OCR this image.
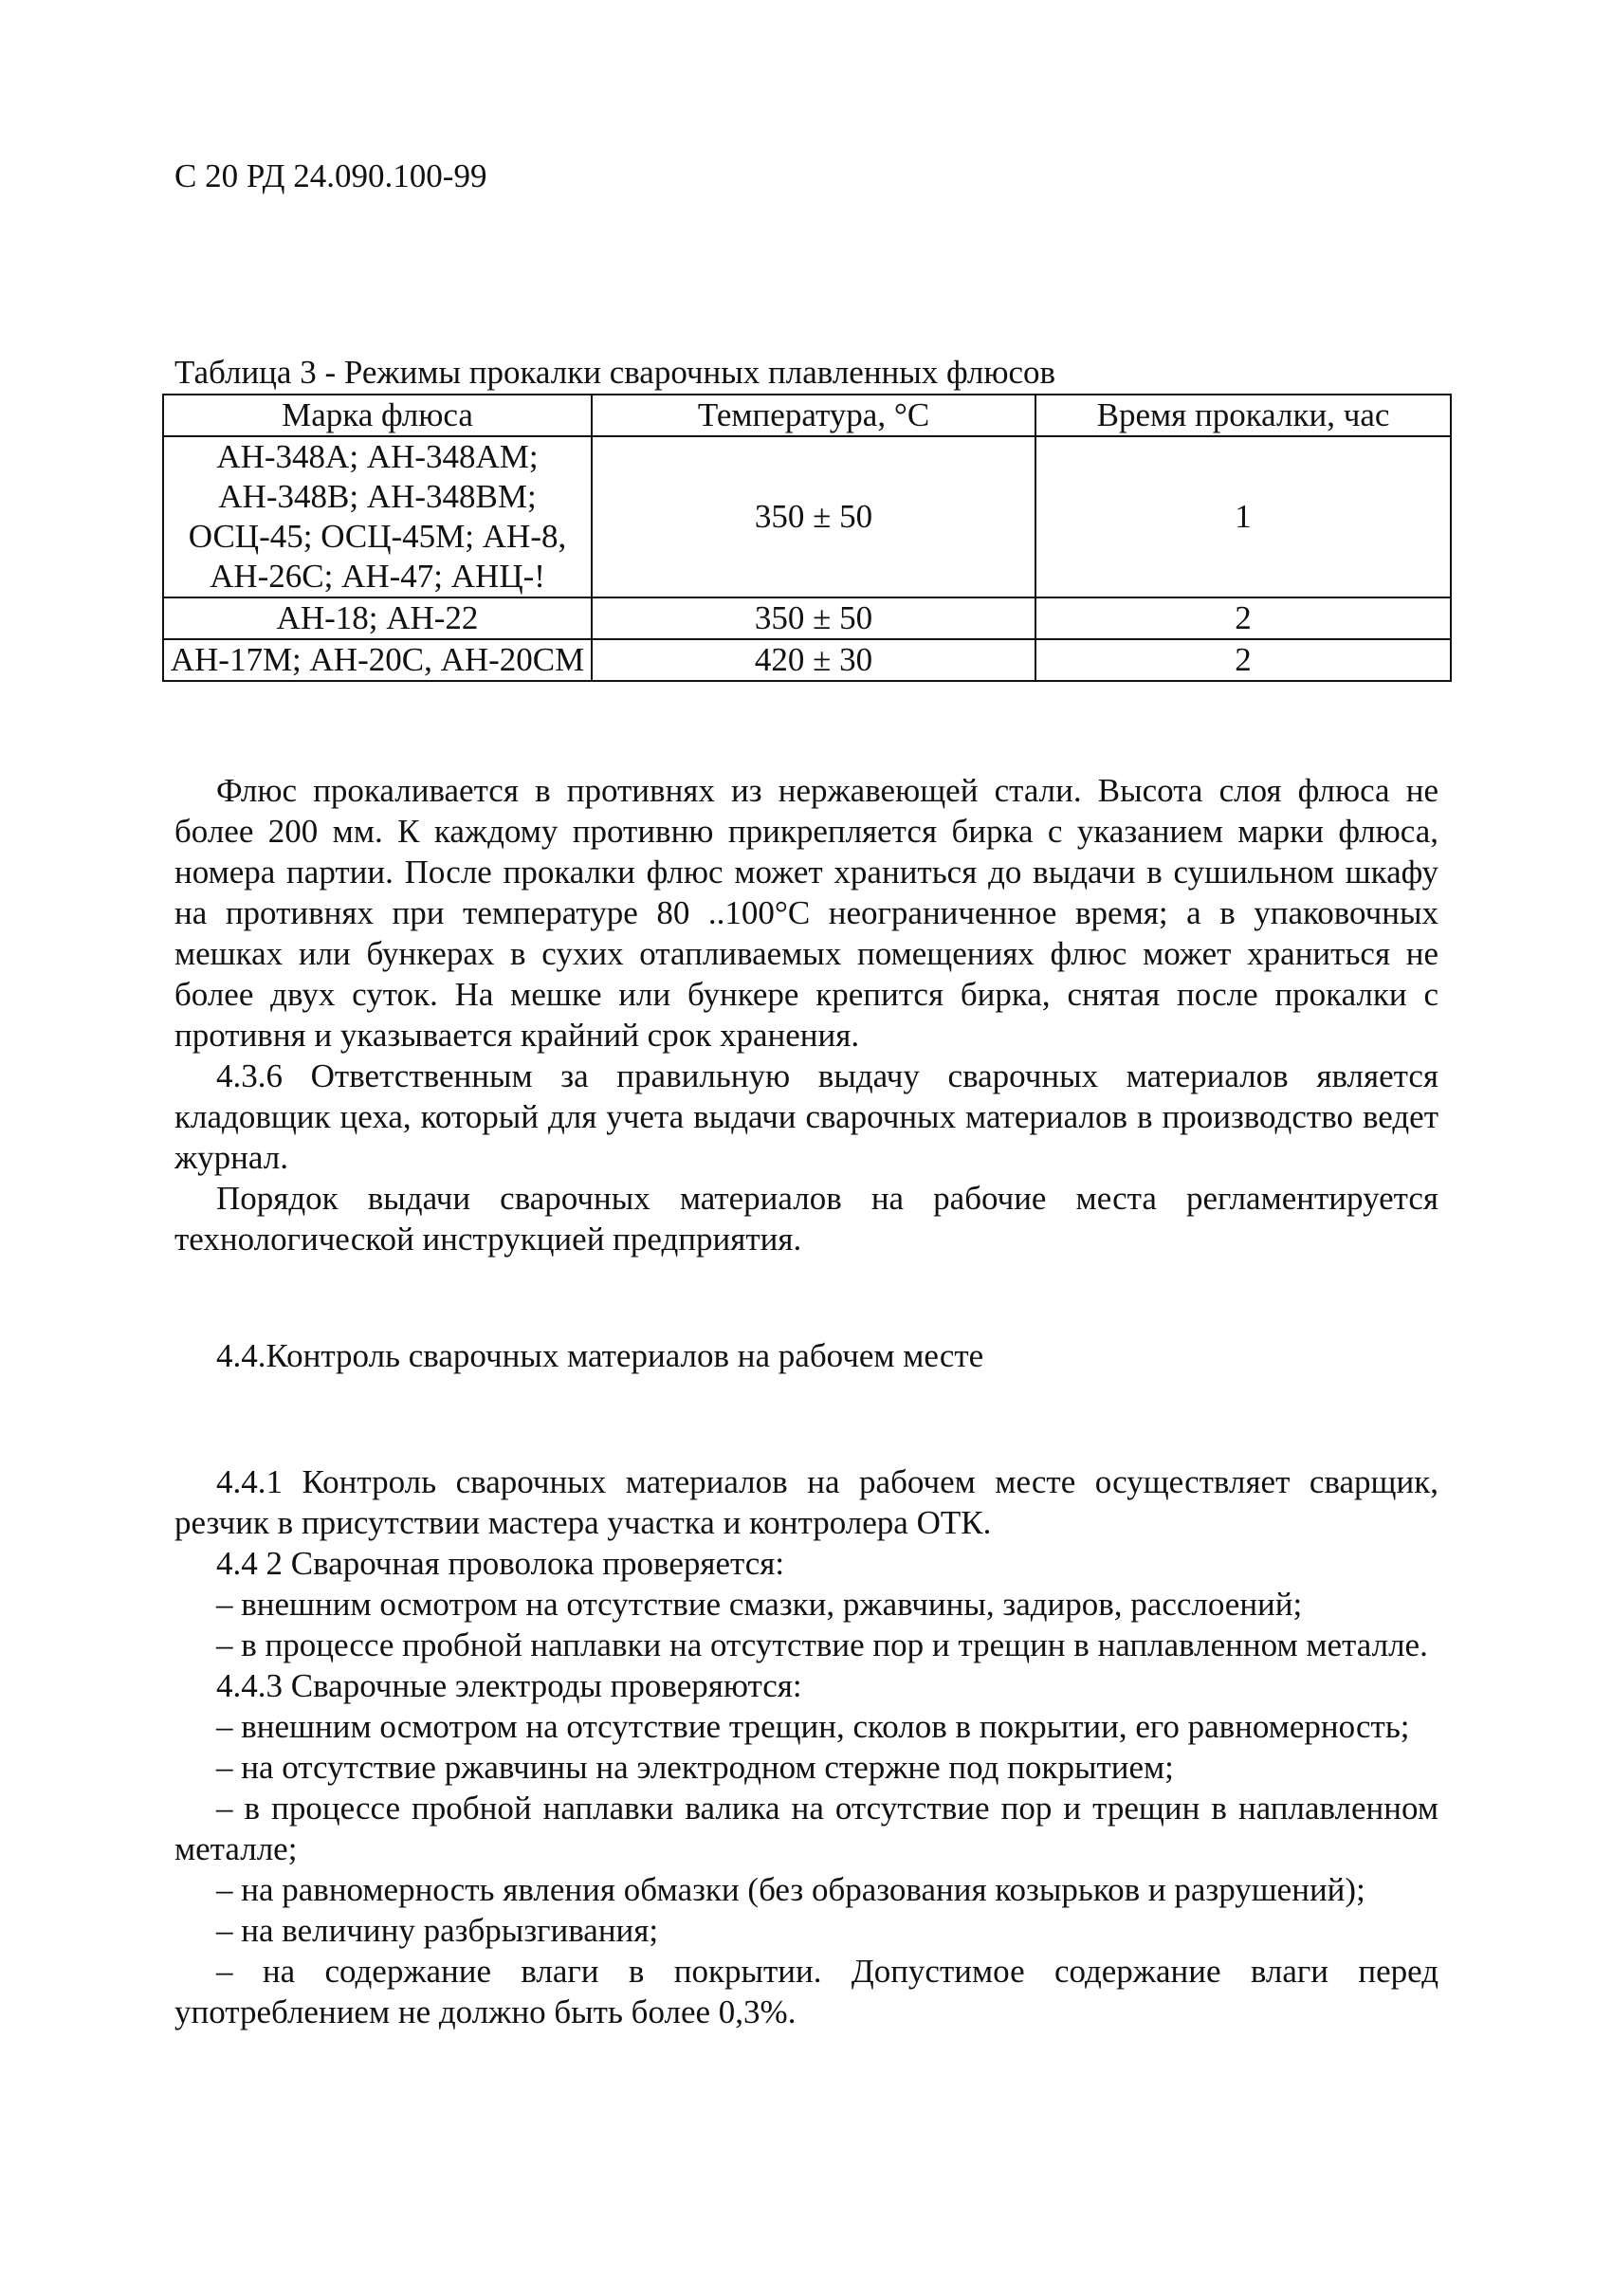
С 20 РД 24.090.100-99
Таблица 3 - Режимы прокалки сварочных плавленных флюсов
Марка флюса	Температура, °С	Время прокалки, час
АН-348А; АН-348АМ; АН-348В; АН-348ВМ; ОСЦ-45; ОСЦ-45М; АН-8, АН-26С; АН-47; АНЦ-!	350 ± 50	1
АН-18; АН-22	350 ± 50	2
АН-17М; АН-20С, АН-20СМ	420 ± 30	2

Флюс прокаливается в противнях из нержавеющей стали. Высота слоя флюса не более 200 мм. К каждому противню прикрепляется бирка с указанием марки флюса, номера партии. После прокалки флюс может храниться до выдачи в сушильном шкафу на противнях при температуре 80 ..100°С неограниченное время; а в упаковочных мешках или бункерах в сухих отапливаемых помещениях флюс может храниться не более двух суток. На мешке или бункере крепится бирка, снятая после прокалки с противня и указывается крайний срок хранения.

4.3.6 Ответственным за правильную выдачу сварочных материалов является кладовщик цеха, который для учета выдачи сварочных материалов в производство ведет журнал.

Порядок выдачи сварочных материалов на рабочие места регламентируется технологической инструкцией предприятия.

4.4.Контроль сварочных материалов на рабочем месте

4.4.1 Контроль сварочных материалов на рабочем месте осуществляет сварщик, резчик в присутствии мастера участка и контролера ОТК.

4.4 2 Сварочная проволока проверяется:

– внешним осмотром на отсутствие смазки, ржавчины, задиров, расслоений;

– в процессе пробной наплавки на отсутствие пор и трещин в наплавленном металле.

4.4.3 Сварочные электроды проверяются:

– внешним осмотром на отсутствие трещин, сколов в покрытии, его равномерность;

– на отсутствие ржавчины на электродном стержне под покрытием;

– в процессе пробной наплавки валика на отсутствие пор и трещин в наплавленном металле;

– на равномерность явления обмазки (без образования козырьков и разрушений);

– на величину разбрызгивания;

– на содержание влаги в покрытии. Допустимое содержание влаги перед употреблением не должно быть более 0,3%.
